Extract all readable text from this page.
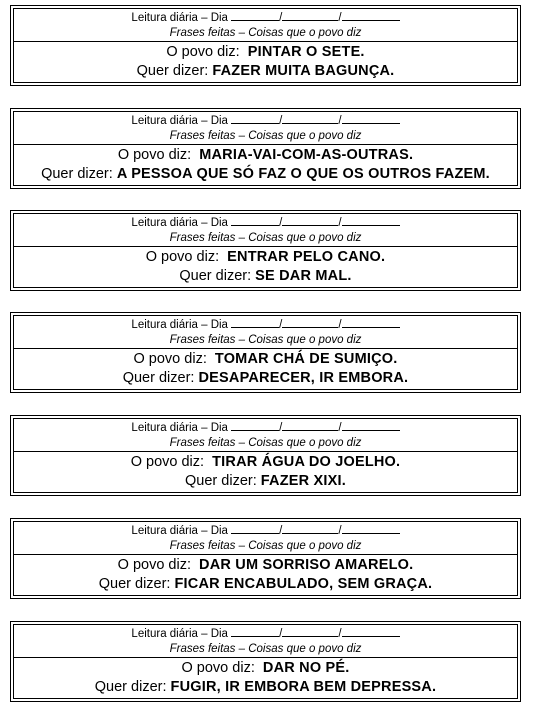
Leitura diária – Dia	/	/
Frases feitas – Coisas que o povo diz
O povo diz: PINTAR O SETE.
Quer dizer: FAZER MUITA BAGUNÇA.
Leitura diária – Dia	/	/
Frases feitas – Coisas que o povo diz
O povo diz: MARIA-VAI-COM-AS-OUTRAS.
Quer dizer: A PESSOA QUE SÓ FAZ O QUE OS OUTROS FAZEM.
Leitura diária – Dia	/	/
Frases feitas – Coisas que o povo diz
O povo diz: ENTRAR PELO CANO.
Quer dizer: SE DAR MAL.
Leitura diária – Dia	/	/
Frases feitas – Coisas que o povo diz
O povo diz: TOMAR CHÁ DE SUMIÇO.
Quer dizer: DESAPARECER, IR EMBORA.
Leitura diária – Dia	/	/
Frases feitas – Coisas que o povo diz
O povo diz: TIRAR ÁGUA DO JOELHO.
Quer dizer: FAZER XIXI.
Leitura diária – Dia	/	/
Frases feitas – Coisas que o povo diz
O povo diz: DAR UM SORRISO AMARELO.
Quer dizer: FICAR ENCABULADO, SEM GRAÇA.
Leitura diária – Dia	/	/
Frases feitas – Coisas que o povo diz
O povo diz: DAR NO PÉ.
Quer dizer: FUGIR, IR EMBORA BEM DEPRESSA.
